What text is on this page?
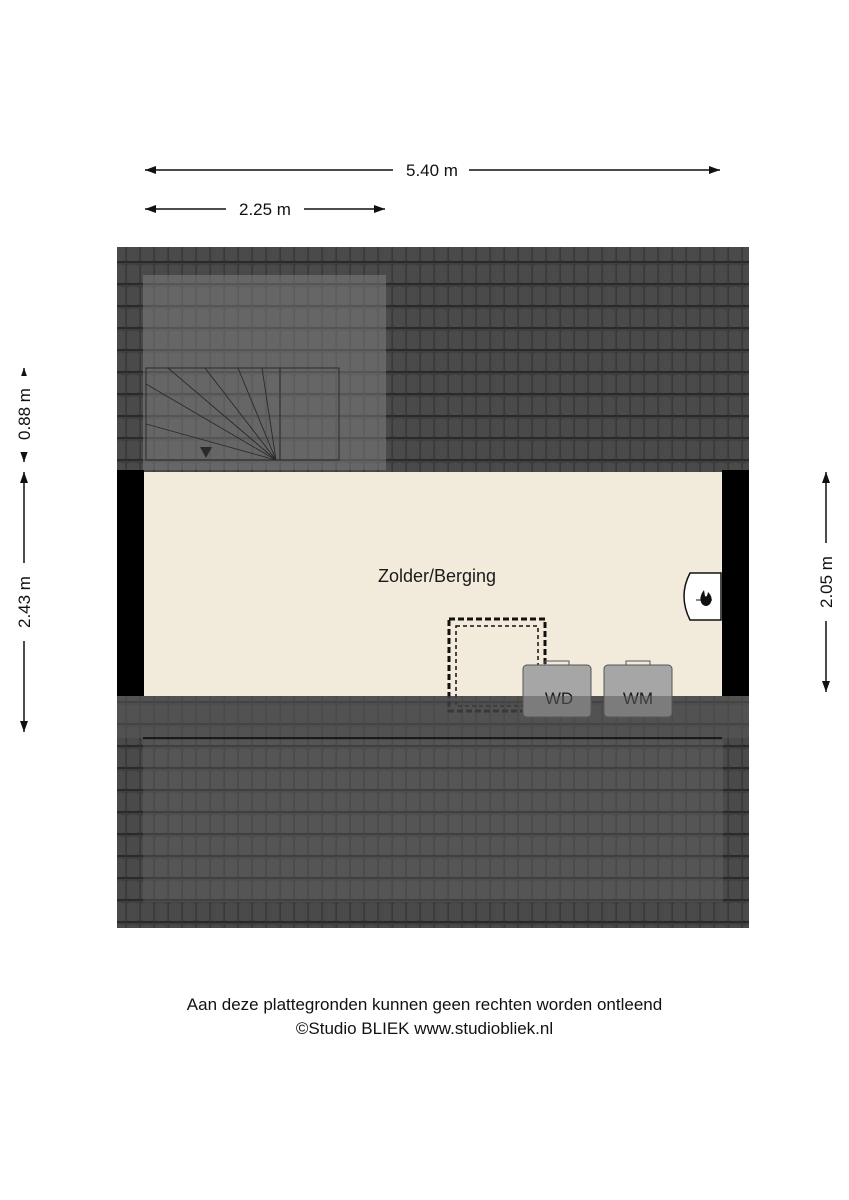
5.40 m
2.25 m
0.88 m
2.43 m	2.05 m
Zolder/Berging
Aan deze plattegronden kunnen geen rechten worden ontleend
©Studio BLIEK www.studiobliek.nl
